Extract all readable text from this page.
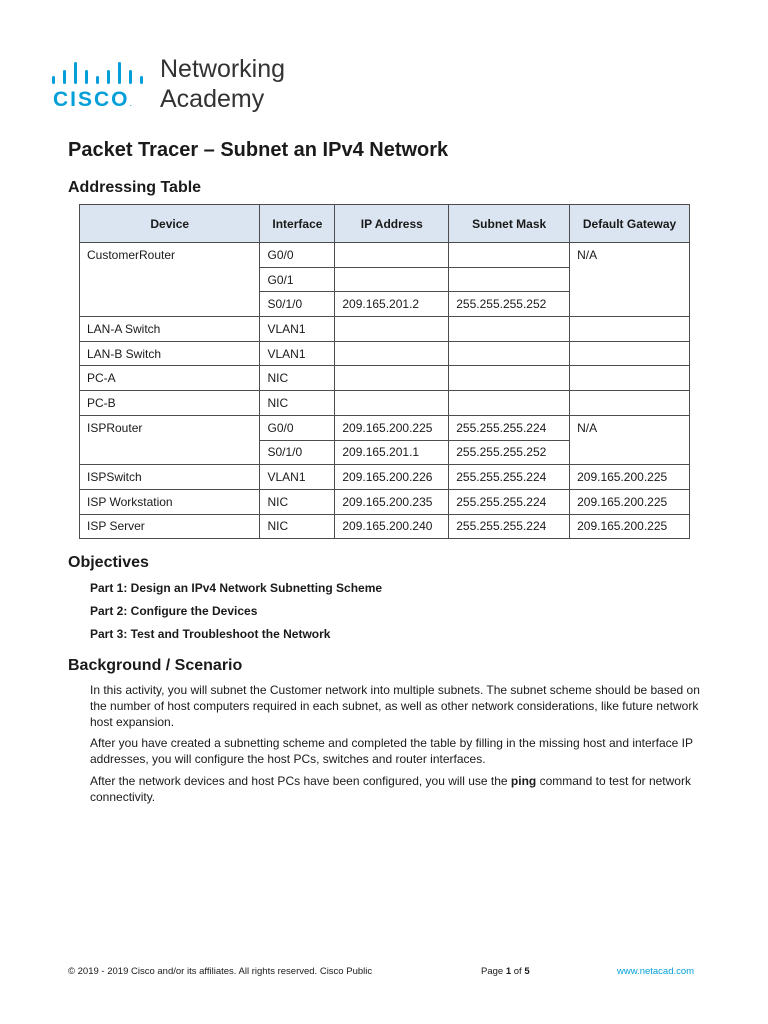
CISCO.
Networking
Academy
Packet Tracer – Subnet an IPv4 Network
Addressing Table
Device	Interface	IP Address	Subnet Mask	Default Gateway
CustomerRouter	G0/0			N/A
	G0/1			
	S0/1/0	209.165.201.2	255.255.255.252	
LAN-A Switch	VLAN1			
LAN-B Switch	VLAN1			
PC-A	NIC			
PC-B	NIC			
ISPRouter	G0/0	209.165.200.225	255.255.255.224	N/A
	S0/1/0	209.165.201.1	255.255.255.252	
ISPSwitch	VLAN1	209.165.200.226	255.255.255.224	209.165.200.225
ISP Workstation	NIC	209.165.200.235	255.255.255.224	209.165.200.225
ISP Server	NIC	209.165.200.240	255.255.255.224	209.165.200.225
Objectives
Part 1: Design an IPv4 Network Subnetting Scheme
Part 2: Configure the Devices
Part 3: Test and Troubleshoot the Network
Background / Scenario

In this activity, you will subnet the Customer network into multiple subnets. The subnet scheme should be based on the number of host computers required in each subnet, as well as other network considerations, like future network host expansion.

After you have created a subnetting scheme and completed the table by filling in the missing host and interface IP addresses, you will configure the host PCs, switches and router interfaces.

After the network devices and host PCs have been configured, you will use the ping command to test for network connectivity.

© 2019 - 2019 Cisco and/or its affiliates. All rights reserved. Cisco Public	Page 1 of 5	www.netacad.com
